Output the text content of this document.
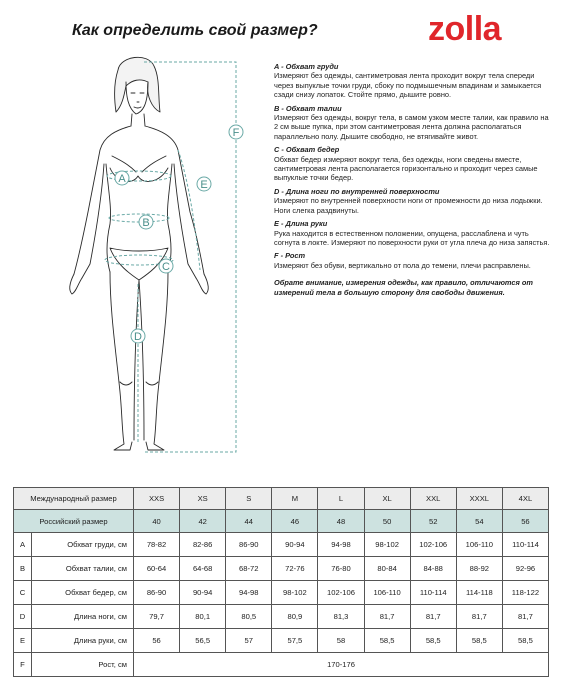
Как определить свой размер?	zolla
A
B
C
D
E
F
A - Обхват груди
Измеряют без одежды, сантиметровая лента проходит вокруг тела спереди через выпуклые точки груди, сбоку по подмышечным впадинам и замыкается сзади снизу лопаток. Стойте прямо, дышите ровно.
B - Обхват талии
Измеряют без одежды, вокруг тела, в самом узком месте талии, как правило на 2 см выше пупка, при этом сантиметровая лента должна располагаться параллельно полу. Дышите свободно, не втягивайте живот.
C - Обхват бедер
Обхват бедер измеряют вокруг тела, без одежды, ноги сведены вместе, сантиметровая лента располагается горизонтально и проходит через самые выпуклые точки бедер.
D - Длина ноги по внутренней поверхности
Измеряют по внутренней поверхности ноги от промежности до низа лодыжки. Ноги слегка раздвинуты.
E - Длина руки
Рука находится в естественном положении, опущена, расслаблена и чуть согнута в локте. Измеряют по поверхности руки от угла плеча до низа запястья.
F - Рост
Измеряют без обуви, вертикально от пола до темени, плечи расправлены.
Обрате внимание, измерения одежды, как правило, отличаются от измерений тела в большую сторону для свободы движения.
Международный размер		XXS	XS	S	M	L	XL	XXL	XXXL	4XL
Российский размер		40	42	44	46	48	50	52	54	56
A	Обхват груди, см	78-82	82-86	86-90	90-94	94-98	98-102	102-106	106-110	110-114
B	Обхват талии, см	60-64	64-68	68-72	72-76	76-80	80-84	84-88	88-92	92-96
C	Обхват бедер, см	86-90	90-94	94-98	98-102	102-106	106-110	110-114	114-118	118-122
D	Длина ноги, см	79,7	80,1	80,5	80,9	81,3	81,7	81,7	81,7	81,7
E	Длина руки, см	56	56,5	57	57,5	58	58,5	58,5	58,5	58,5
F	Рост, см	170-176								
